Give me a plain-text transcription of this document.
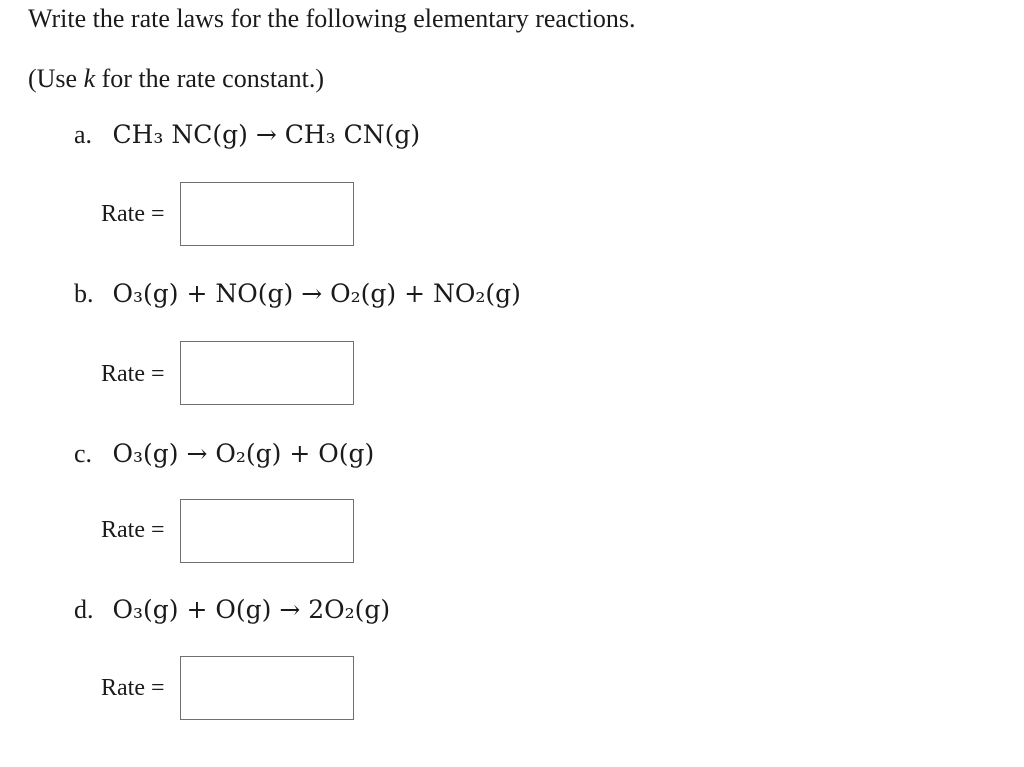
Write the rate laws for the following elementary reactions.
(Use k for the rate constant.)
a. CH₃ NC(g) → CH₃ CN(g)
Rate =
b. O₃(g) + NO(g) → O₂(g) + NO₂(g)
Rate =
c. O₃(g) → O₂(g) + O(g)
Rate =
d. O₃(g) + O(g) → 2O₂(g)
Rate =
